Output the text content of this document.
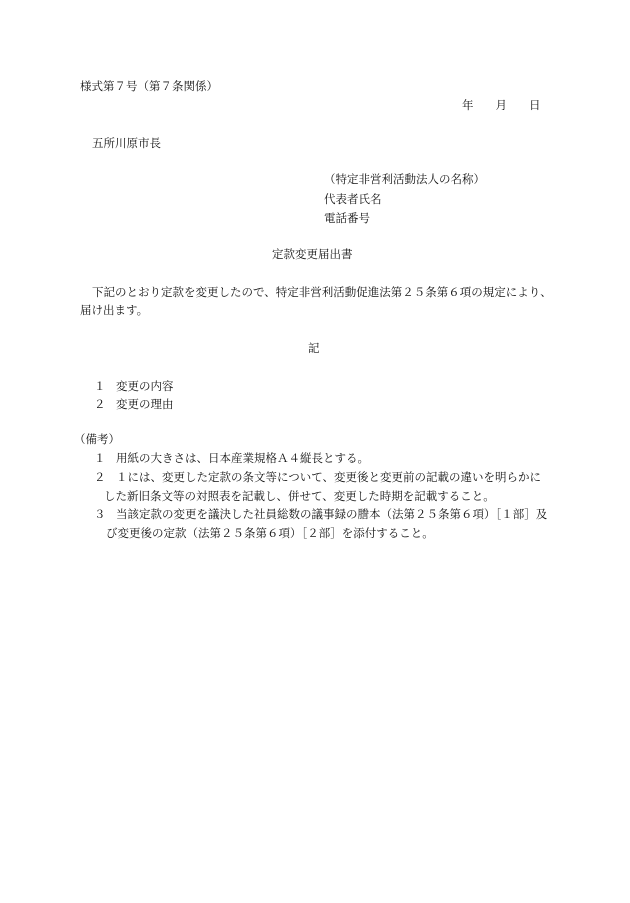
様式第７号（第７条関係）
年 月 日
五所川原市長
（特定非営利活動法人の名称）
代表者氏名
電話番号
定款変更届出書
下記のとおり定款を変更したので、特定非営利活動促進法第２５条第６項の規定により、
届け出ます。
記
１ 変更の内容
２ 変更の理由
（備考）
１ 用紙の大きさは、日本産業規格Ａ４縦長とする。
２ １には、変更した定款の条文等について、変更後と変更前の記載の違いを明らかに
した新旧条文等の対照表を記載し、併せて、変更した時期を記載すること。
３ 当該定款の変更を議決した社員総数の議事録の謄本（法第２５条第６項）［１部］及
び変更後の定款（法第２５条第６項）［２部］を添付すること。
